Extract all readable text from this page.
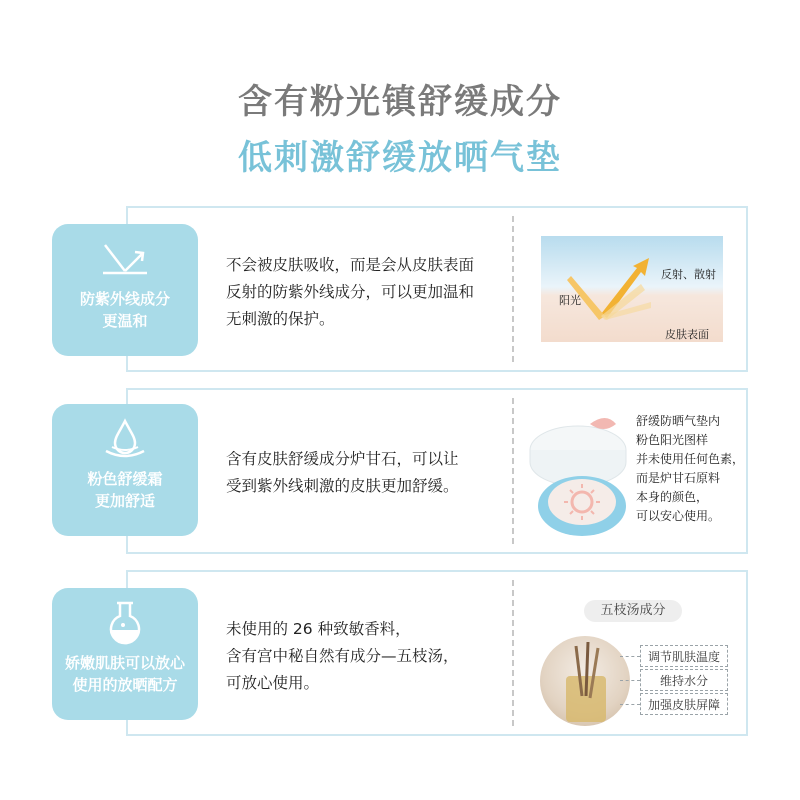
含有粉光镇舒缓成分
低刺激舒缓放晒气垫
防紫外线成分
更温和
不会被皮肤吸收，而是会从皮肤表面
反射的防紫外线成分，可以更加温和
无刺激的保护。
阳光
反射、散射
皮肤表面
粉色舒缓霜
更加舒适
含有皮肤舒缓成分炉甘石，可以让
受到紫外线刺激的皮肤更加舒缓。
舒缓防晒气垫内
粉色阳光图样
并未使用任何色素，
而是炉甘石原料
本身的颜色，
可以安心使用。
娇嫩肌肤可以放心
使用的放晒配方
未使用的 26 种致敏香料，
含有宫中秘自然有成分—五枝汤，
可放心使用。
五枝汤成分
调节肌肤温度
维持水分
加强皮肤屏障
